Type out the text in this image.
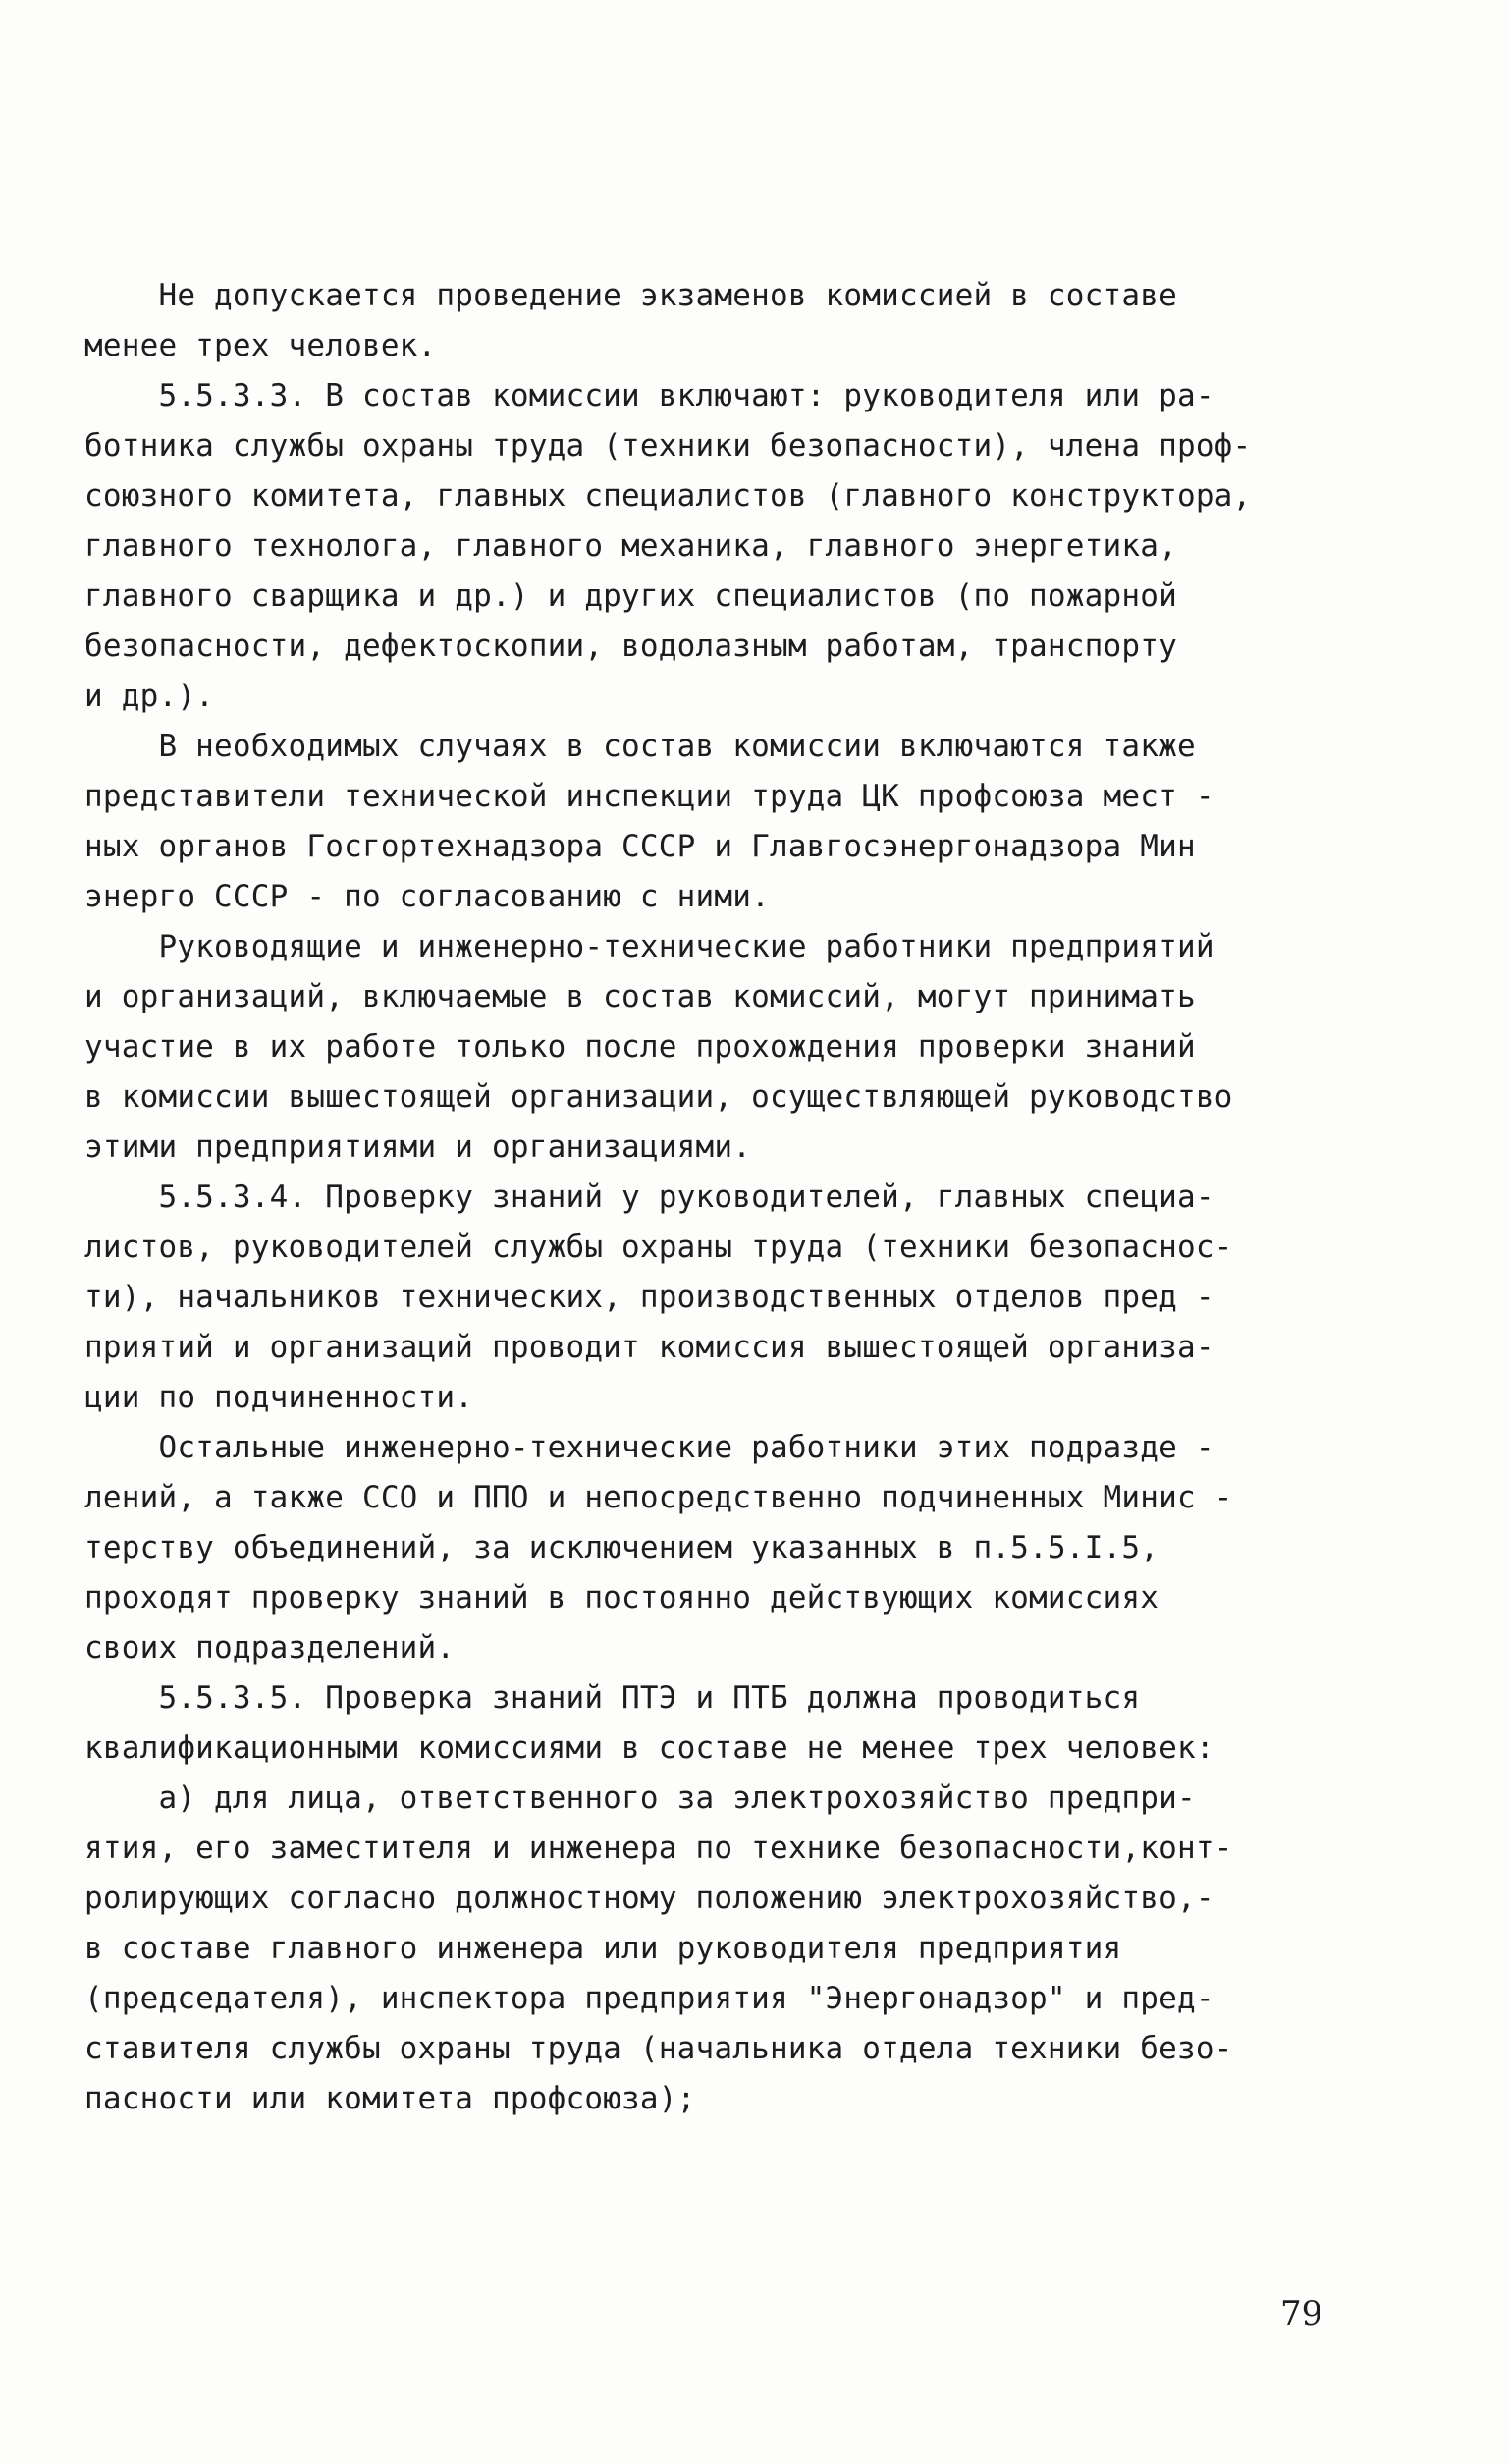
Не допускается проведение экзаменов комиссией в составе
менее трех человек.
5.5.3.3. В состав комиссии включают: руководителя или ра-
ботника службы охраны труда (техники безопасности), члена проф-
союзного комитета, главных специалистов (главного конструктора,
главного технолога, главного механика, главного энергетика,
главного сварщика и др.) и других специалистов (по пожарной
безопасности, дефектоскопии, водолазным работам, транспорту
и др.).
В необходимых случаях в состав комиссии включаются также
представители технической инспекции труда ЦК профсоюза мест -
ных органов Госгортехнадзора СССР и Главгосэнергонадзора Мин
энерго СССР - по согласованию с ними.
Руководящие и инженерно-технические работники предприятий
и организаций, включаемые в состав комиссий, могут принимать
участие в их работе только после прохождения проверки знаний
в комиссии вышестоящей организации, осуществляющей руководство
этими предприятиями и организациями.
5.5.3.4. Проверку знаний у руководителей, главных специа-
листов, руководителей службы охраны труда (техники безопаснос-
ти), начальников технических, производственных отделов пред -
приятий и организаций проводит комиссия вышестоящей организа-
ции по подчиненности.
Остальные инженерно-технические работники этих подразде -
лений, а также ССО и ППО и непосредственно подчиненных Минис -
терству объединений, за исключением указанных в п.5.5.I.5,
проходят проверку знаний в постоянно действующих комиссиях
своих подразделений.
5.5.3.5. Проверка знаний ПТЭ и ПТБ должна проводиться
квалификационными комиссиями в составе не менее трех человек:
а) для лица, ответственного за электрохозяйство предпри-
ятия, его заместителя и инженера по технике безопасности,конт-
ролирующих согласно должностному положению электрохозяйство,-
в составе главного инженера или руководителя предприятия
(председателя), инспектора предприятия "Энергонадзор" и пред-
ставителя службы охраны труда (начальника отдела техники безо-
пасности или комитета профсоюза);
79
